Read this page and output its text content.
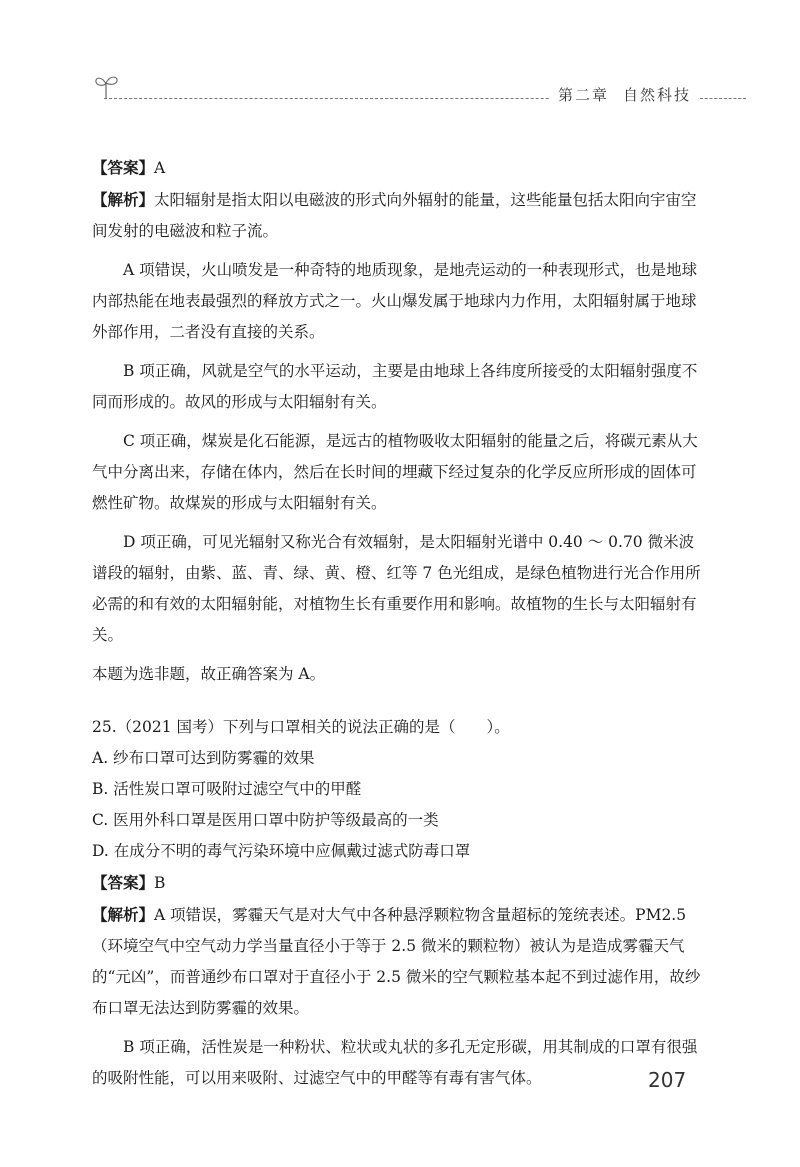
第二章 自然科技

【答案】A

【解析】太阳辐射是指太阳以电磁波的形式向外辐射的能量，这些能量包括太阳向宇宙空间发射的电磁波和粒子流。

A 项错误，火山喷发是一种奇特的地质现象，是地壳运动的一种表现形式，也是地球内部热能在地表最强烈的释放方式之一。火山爆发属于地球内力作用，太阳辐射属于地球外部作用，二者没有直接的关系。

B 项正确，风就是空气的水平运动，主要是由地球上各纬度所接受的太阳辐射强度不同而形成的。故风的形成与太阳辐射有关。

C 项正确，煤炭是化石能源，是远古的植物吸收太阳辐射的能量之后，将碳元素从大气中分离出来，存储在体内，然后在长时间的埋藏下经过复杂的化学反应所形成的固体可燃性矿物。故煤炭的形成与太阳辐射有关。

D 项正确，可见光辐射又称光合有效辐射，是太阳辐射光谱中 0.40 ～ 0.70 微米波谱段的辐射，由紫、蓝、青、绿、黄、橙、红等 7 色光组成，是绿色植物进行光合作用所必需的和有效的太阳辐射能，对植物生长有重要作用和影响。故植物的生长与太阳辐射有关。

本题为选非题，故正确答案为 A。

25.（2021 国考）下列与口罩相关的说法正确的是（　　）。

A. 纱布口罩可达到防雾霾的效果

B. 活性炭口罩可吸附过滤空气中的甲醛

C. 医用外科口罩是医用口罩中防护等级最高的一类

D. 在成分不明的毒气污染环境中应佩戴过滤式防毒口罩

【答案】B

【解析】A 项错误，雾霾天气是对大气中各种悬浮颗粒物含量超标的笼统表述。PM2.5（环境空气中空气动力学当量直径小于等于 2.5 微米的颗粒物）被认为是造成雾霾天气的“元凶”，而普通纱布口罩对于直径小于 2.5 微米的空气颗粒基本起不到过滤作用，故纱布口罩无法达到防雾霾的效果。

B 项正确，活性炭是一种粉状、粒状或丸状的多孔无定形碳，用其制成的口罩有很强的吸附性能，可以用来吸附、过滤空气中的甲醛等有毒有害气体。	207
